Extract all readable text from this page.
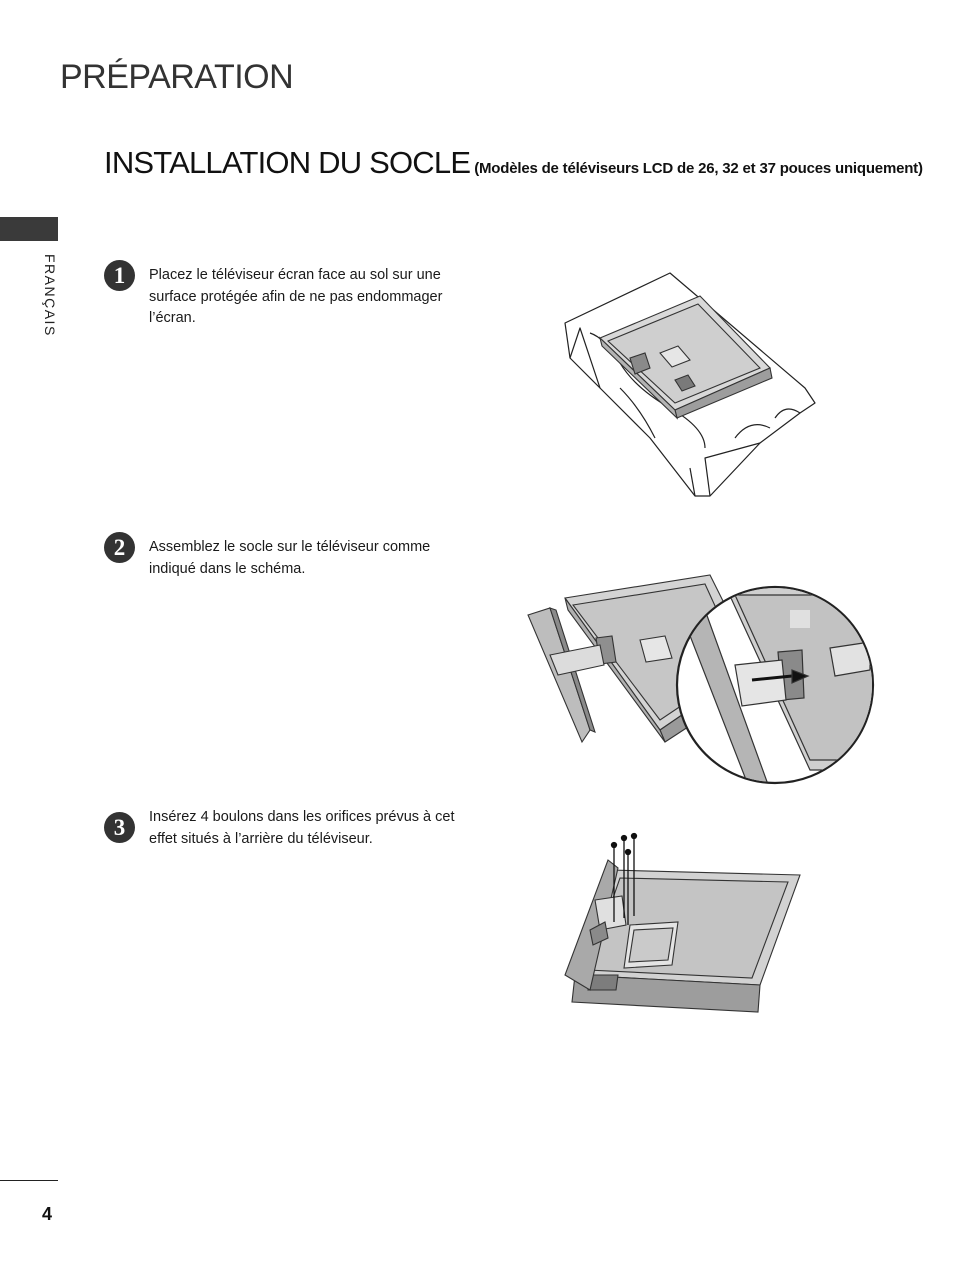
PRÉPARATION
INSTALLATION DU SOCLE (Modèles de téléviseurs LCD de 26, 32 et 37 pouces uniquement)
FRANÇAIS	1	Placez le téléviseur écran face au sol sur une surface protégée afin de ne pas endommager l’écran.
2	Assemblez le socle sur le téléviseur comme indiqué dans le schéma.
3	Insérez 4 boulons dans les orifices prévus à cet effet situés à l’arrière du téléviseur.
4
